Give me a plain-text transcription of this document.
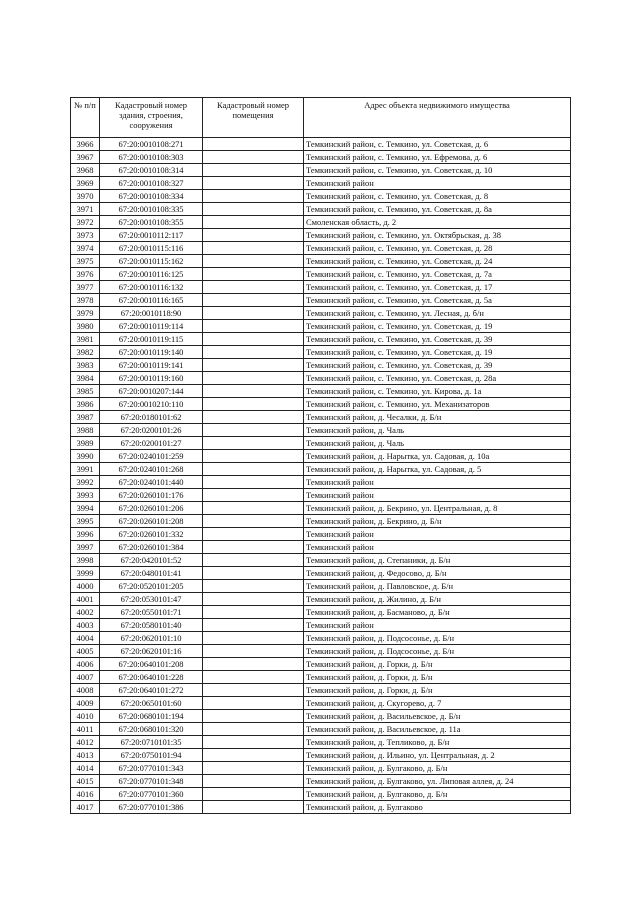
№ п/п	Кадастровый номер здания, строения, сооружения	Кадастровый номер помещения	Адрес объекта недвижимого имущества
3966	67:20:0010108:271		Темкинский район, с. Темкино, ул. Советская, д. 6
3967	67:20:0010108:303		Темкинский район, с. Темкино, ул. Ефремова, д. 6
3968	67:20:0010108:314		Темкинский район, с. Темкино, ул. Советская, д. 10
3969	67:20:0010108:327		Темкинский район
3970	67:20:0010108:334		Темкинский район, с. Темкино, ул. Советская, д. 8
3971	67:20:0010108:335		Темкинский район, с. Темкино, ул. Советская, д. 8а
3972	67:20:0010108:355		Смоленская область, д. 2
3973	67:20:0010112:117		Темкинский район, с. Темкино, ул. Октябрьская, д. 38
3974	67:20:0010115:116		Темкинский район, с. Темкино, ул. Советская, д. 28
3975	67:20:0010115:162		Темкинский район, с. Темкино, ул. Советская, д. 24
3976	67:20:0010116:125		Темкинский район, с. Темкино, ул. Советская, д. 7а
3977	67:20:0010116:132		Темкинский район, с. Темкино, ул. Советская, д. 17
3978	67:20:0010116:165		Темкинский район, с. Темкино, ул. Советская, д. 5а
3979	67:20:0010118:90		Темкинский район, с. Темкино, ул. Лесная, д. б/н
3980	67:20:0010119:114		Темкинский район, с. Темкино, ул. Советская, д. 19
3981	67:20:0010119:115		Темкинский район, с. Темкино, ул. Советская, д. 39
3982	67:20:0010119:140		Темкинский район, с. Темкино, ул. Советская, д. 19
3983	67:20:0010119:141		Темкинский район, с. Темкино, ул. Советская, д. 39
3984	67:20:0010119:160		Темкинский район, с. Темкино, ул. Советская, д. 28а
3985	67:20:0010207:144		Темкинский район, с. Темкино, ул. Кирова, д. 1а
3986	67:20:0010210:110		Темкинский район, с. Темкино, ул. Механизаторов
3987	67:20:0180101:62		Темкинский район, д. Чесалки, д. Б/н
3988	67:20:0200101:26		Темкинский район, д. Чаль
3989	67:20:0200101:27		Темкинский район, д. Чаль
3990	67:20:0240101:259		Темкинский район, д. Нарытка, ул. Садовая, д. 10а
3991	67:20:0240101:268		Темкинский район, д. Нарытка, ул. Садовая, д. 5
3992	67:20:0240101:440		Темкинский район
3993	67:20:0260101:176		Темкинский район
3994	67:20:0260101:206		Темкинский район, д. Бекрино, ул. Центральная, д. 8
3995	67:20:0260101:208		Темкинский район, д. Бекрино, д. Б/н
3996	67:20:0260101:332		Темкинский район
3997	67:20:0260101:384		Темкинский район
3998	67:20:0420101:52		Темкинский район, д. Степаники, д. Б/н
3999	67:20:0480101:41		Темкинский район, д. Федосово, д. Б/н
4000	67:20:0520101:205		Темкинский район, д. Павловское, д. Б/н
4001	67:20:0530101:47		Темкинский район, д. Жилино, д. Б/н
4002	67:20:0550101:71		Темкинский район, д. Басманово, д. Б/н
4003	67:20:0580101:40		Темкинский район
4004	67:20:0620101:10		Темкинский район, д. Подсосонье, д. Б/н
4005	67:20:0620101:16		Темкинский район, д. Подсосонье, д. Б/н
4006	67:20:0640101:208		Темкинский район, д. Горки, д. Б/н
4007	67:20:0640101:228		Темкинский район, д. Горки, д. Б/н
4008	67:20:0640101:272		Темкинский район, д. Горки, д. Б/н
4009	67:20:0650101:60		Темкинский район, д. Скугорево, д. 7
4010	67:20:0680101:194		Темкинский район, д. Васильевское, д. Б/н
4011	67:20:0680101:320		Темкинский район, д. Васильевское, д. 11а
4012	67:20:0710101:35		Темкинский район, д. Тепликово, д. Б/н
4013	67:20:0750101:94		Темкинский район, д. Ильино, ул. Центральная, д. 2
4014	67:20:0770101:343		Темкинский район, д. Булгаково, д. Б/н
4015	67:20:0770101:348		Темкинский район, д. Булгаково, ул. Липовая аллея, д. 24
4016	67:20:0770101:360		Темкинский район, д. Булгаково, д. Б/н
4017	67:20:0770101:386		Темкинский район, д. Булгаково
